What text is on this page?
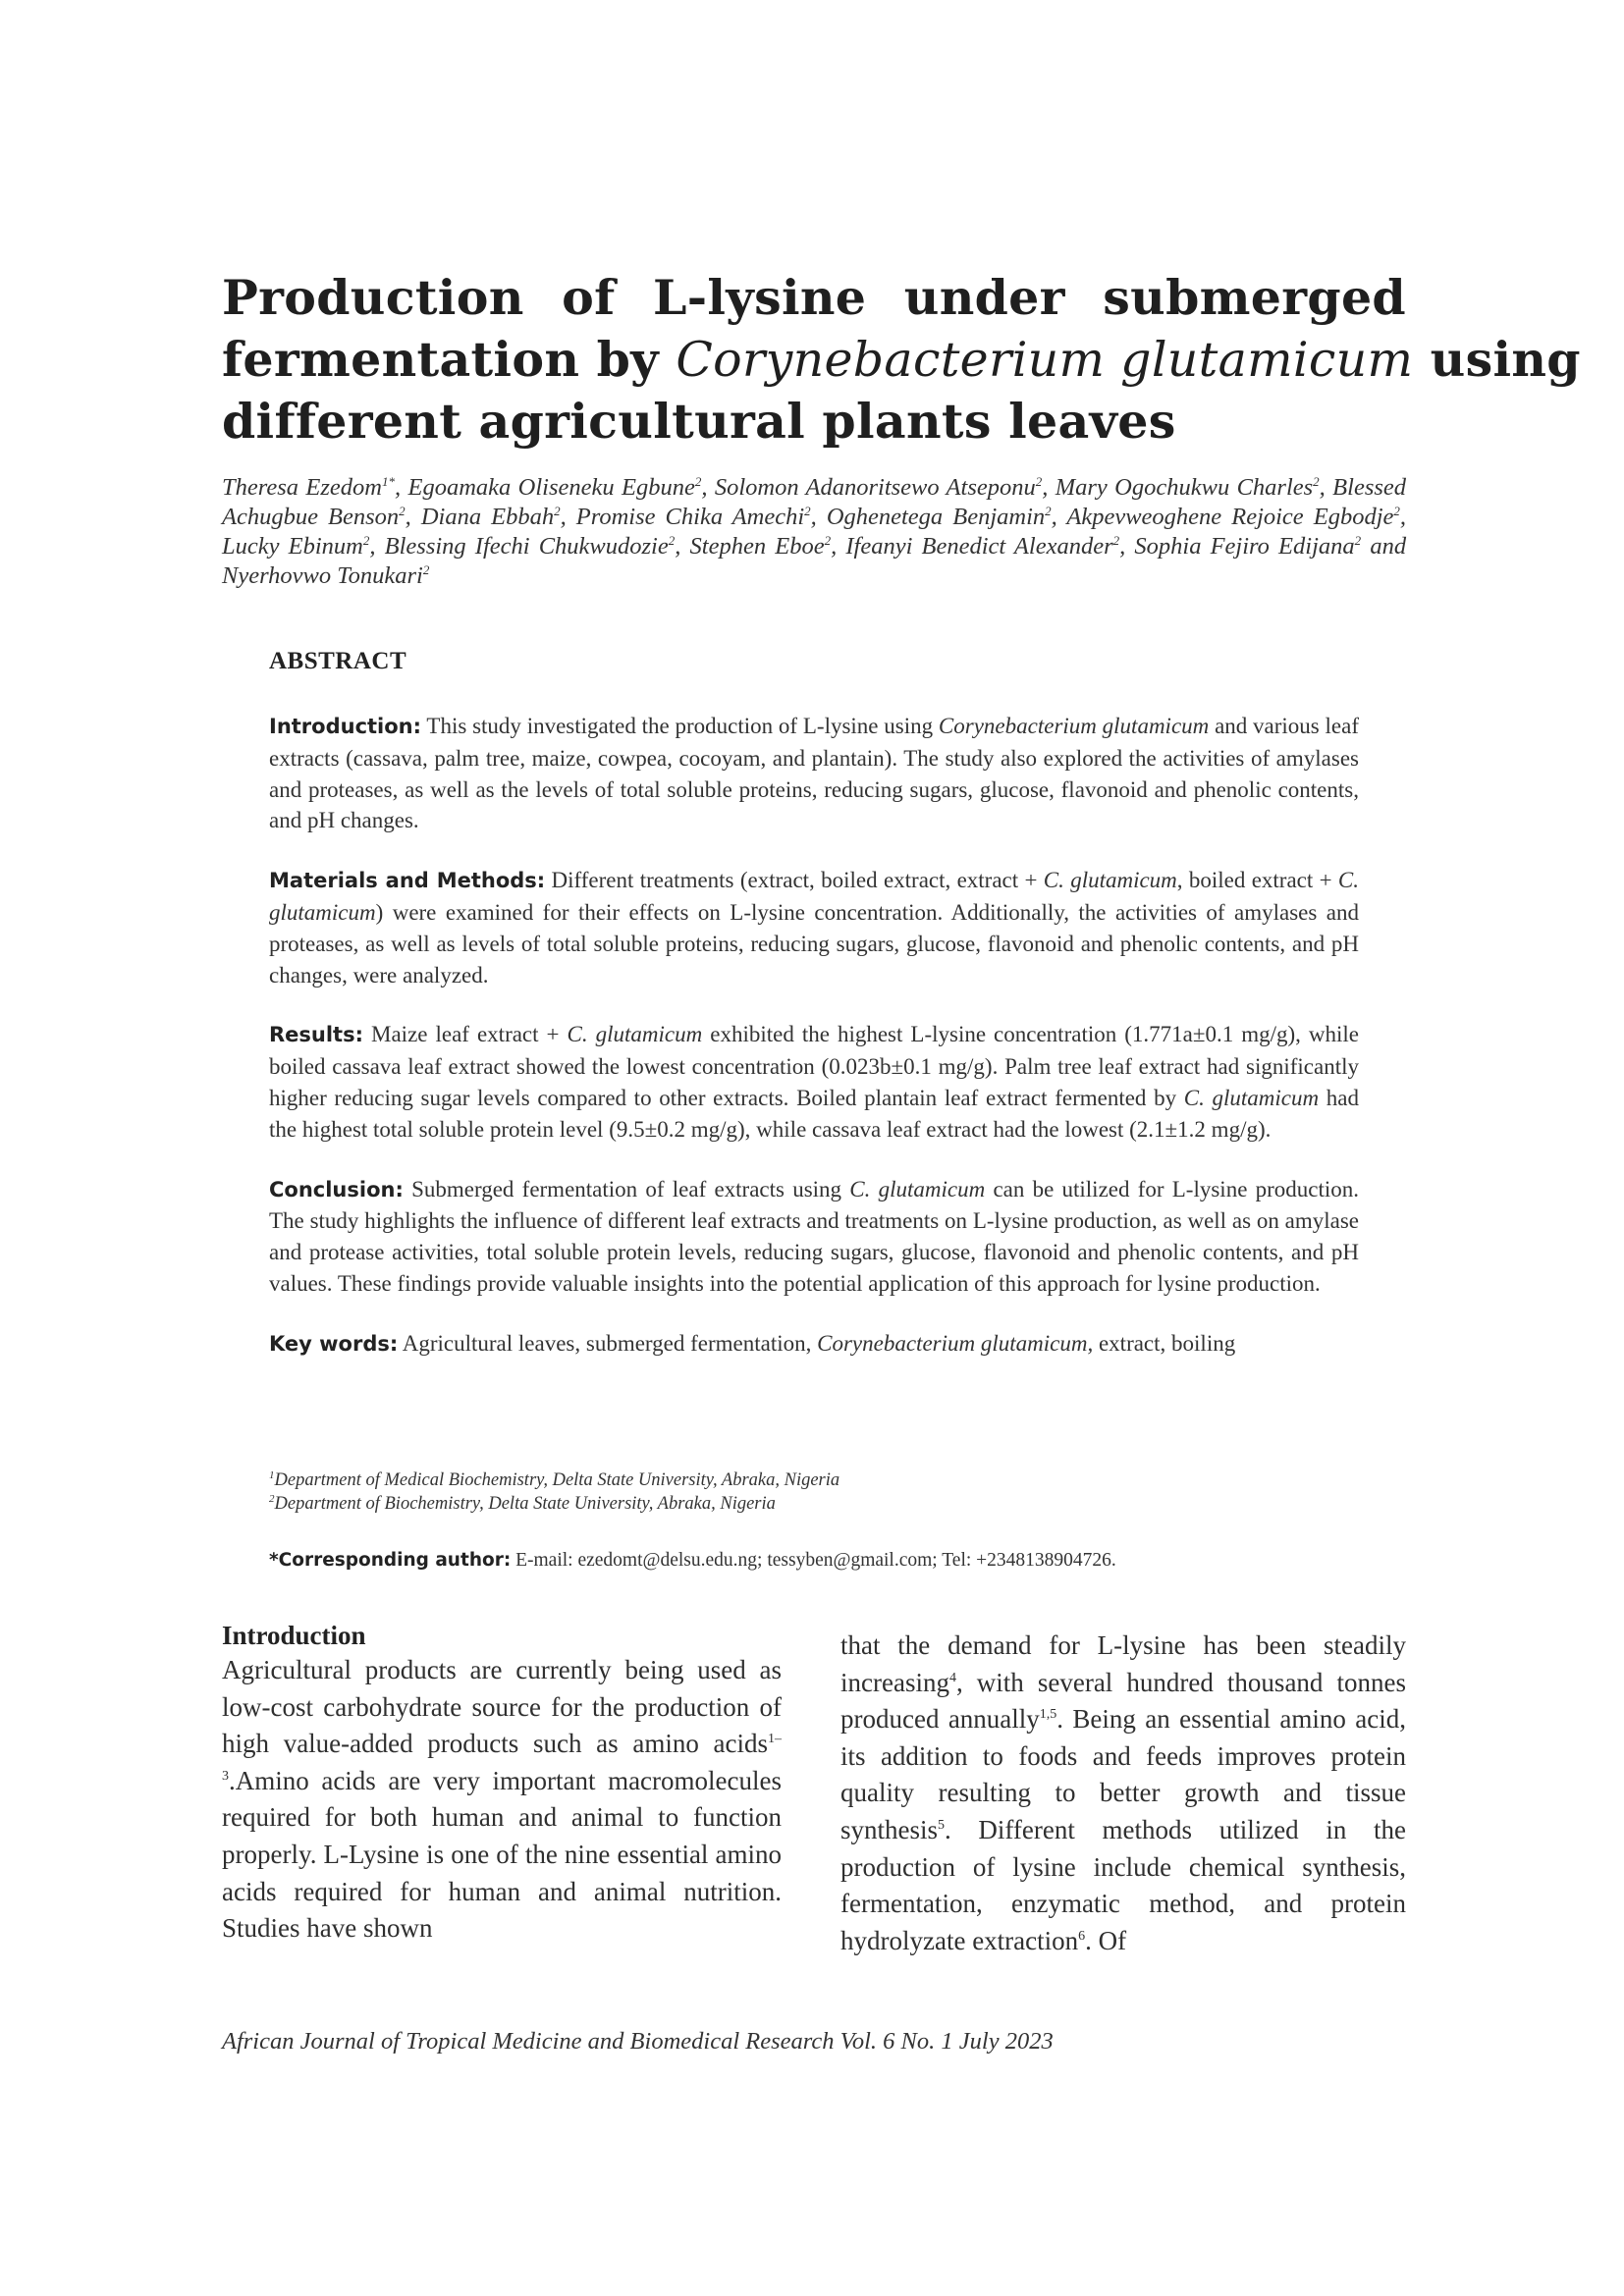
Production of L-lysine under submerged
fermentation by Corynebacterium glutamicum using
different agricultural plants leaves

Theresa Ezedom$^{1*}$, Egoamaka Oliseneku Egbune$^2$, Solomon Adanoritsewo Atseponu$^2$, Mary Ogochukwu Charles$^2$, Blessed Achugbue Benson$^2$, Diana Ebbah$^2$, Promise Chika Amechi$^2$, Oghenetega Benjamin$^2$, Akpevweoghene Rejoice Egbodje$^2$, Lucky Ebinum$^2$, Blessing Ifechi Chukwudozie$^2$, Stephen Eboe$^2$, Ifeanyi Benedict Alexander$^2$, Sophia Fejiro Edijana$^2$ and Nyerhovwo Tonukari$^2$

ABSTRACT

Introduction: This study investigated the production of L-lysine using Corynebacterium glutamicum and various leaf extracts (cassava, palm tree, maize, cowpea, cocoyam, and plantain). The study also explored the activities of amylases and proteases, as well as the levels of total soluble proteins, reducing sugars, glucose, flavonoid and phenolic contents, and pH changes.

Materials and Methods: Different treatments (extract, boiled extract, extract + C. glutamicum, boiled extract + C. glutamicum) were examined for their effects on L-lysine concentration. Additionally, the activities of amylases and proteases, as well as levels of total soluble proteins, reducing sugars, glucose, flavonoid and phenolic contents, and pH changes, were analyzed.

Results: Maize leaf extract + C. glutamicum exhibited the highest L-lysine concentration (1.771a±0.1 mg/g), while boiled cassava leaf extract showed the lowest concentration (0.023b±0.1 mg/g). Palm tree leaf extract had significantly higher reducing sugar levels compared to other extracts. Boiled plantain leaf extract fermented by C. glutamicum had the highest total soluble protein level (9.5±0.2 mg/g), while cassava leaf extract had the lowest (2.1±1.2 mg/g).

Conclusion: Submerged fermentation of leaf extracts using C. glutamicum can be utilized for L-lysine production. The study highlights the influence of different leaf extracts and treatments on L-lysine production, as well as on amylase and protease activities, total soluble protein levels, reducing sugars, glucose, flavonoid and phenolic contents, and pH values. These findings provide valuable insights into the potential application of this approach for lysine production.

Key words: Agricultural leaves, submerged fermentation, Corynebacterium glutamicum, extract, boiling

$^1$Department of Medical Biochemistry, Delta State University, Abraka, Nigeria
$^2$Department of Biochemistry, Delta State University, Abraka, Nigeria
*Corresponding author: E-mail: ezedomt@delsu.edu.ng; tessyben@gmail.com; Tel: +2348138904726.
Introduction

Agricultural products are currently being used as low-cost carbohydrate source for the production of high value-added products such as amino acids$^{1-3}$.Amino acids are very important macromolecules required for both human and animal to function properly. L-Lysine is one of the nine essential amino acids required for human and animal nutrition. Studies have shown

that the demand for L-lysine has been steadily increasing$^4$, with several hundred thousand tonnes produced annually$^{1,5}$. Being an essential amino acid, its addition to foods and feeds improves protein quality resulting to better growth and tissue synthesis$^5$. Different methods utilized in the production of lysine include chemical synthesis, fermentation, enzymatic method, and protein hydrolyzate extraction$^6$. Of

African Journal of Tropical Medicine and Biomedical Research Vol. 6 No. 1 July 2023
